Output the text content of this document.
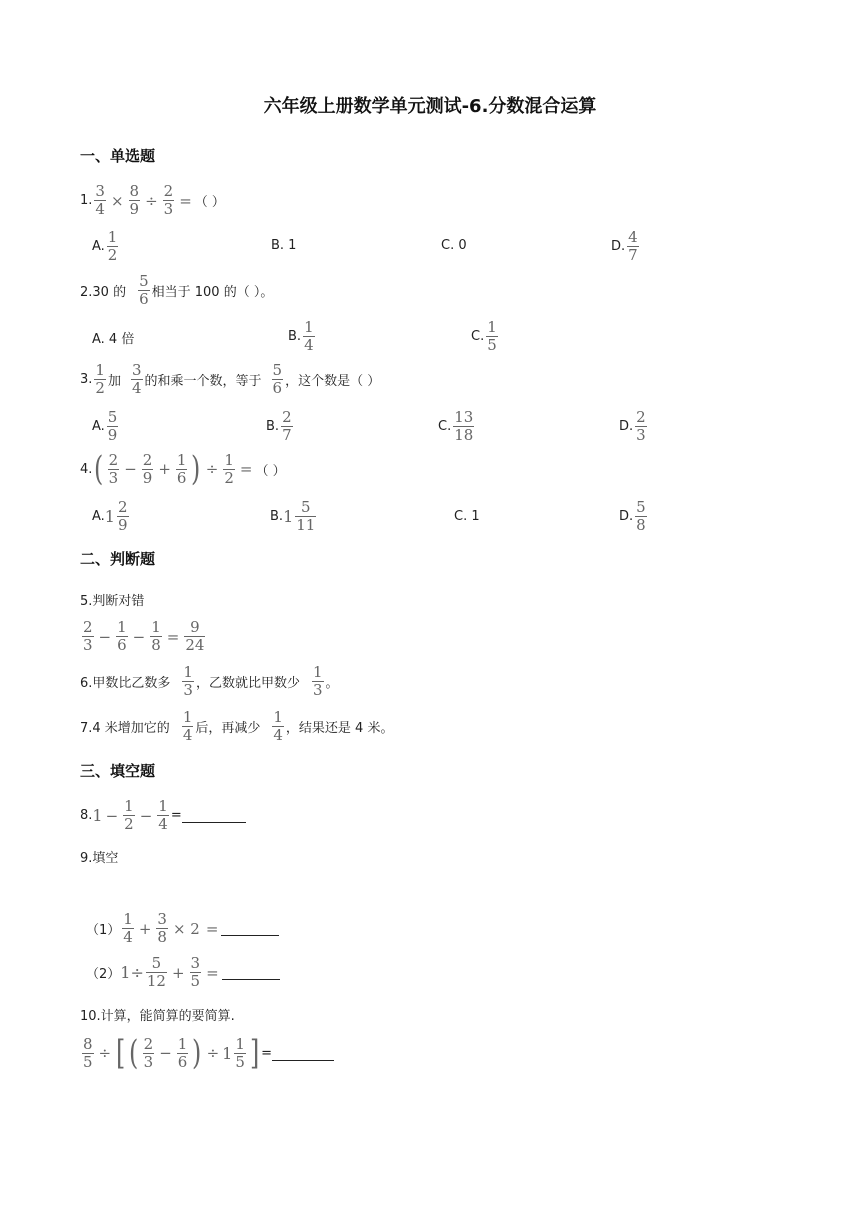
六年级上册数学单元测试-6.分数混合运算
一、单选题
1. $\frac{3}{4} \times \frac{8}{9} \div \frac{2}{3}$ = （ ）
A. $\frac{1}{2}$	B. 1	C. 0	D. $\frac{4}{7}$
2.30 的 $\frac{5}{6}$ 相当于 100 的（ ）。
A. 4 倍	B. $\frac{1}{4}$	C. $\frac{1}{5}$
3. $\frac{1}{2}$ 加 $\frac{3}{4}$ 的和乘一个数，等于 $\frac{5}{6}$ ，这个数是（ ）
A. $\frac{5}{9}$	B. $\frac{2}{7}$	C. $\frac{13}{18}$	D. $\frac{2}{3}$
4. ( $\frac{2}{3} - \frac{2}{9} + \frac{1}{6}$ ) ÷ $\frac{1}{2}$ = （ ）
A. $1 \frac{2}{9}$	B. $1 \frac{5}{11}$	C. 1	D. $\frac{5}{8}$
二、判断题
5.判断对错
$\frac{2}{3} - \frac{1}{6} - \frac{1}{8} = \frac{9}{24}$
6.甲数比乙数多 $\frac{1}{3}$ ，乙数就比甲数少 $\frac{1}{3}$ 。
7.4 米增加它的 $\frac{1}{4}$ 后，再减少 $\frac{1}{4}$ ，结果还是 4 米。
三、填空题
8. $1 - \frac{1}{2} - \frac{1}{4}$ =
9.填空
$(1) \frac{1}{4} + \frac{3}{8} \times 2$ =
（2） $1\div \frac{5}{12} + \frac{3}{5}$ =
10.计算，能简算的要简算.
$\frac{8}{5}$ ÷ [ ( $\frac{2}{3} - \frac{1}{6}$ ) ÷ $1 \frac{1}{5}$ ] =
